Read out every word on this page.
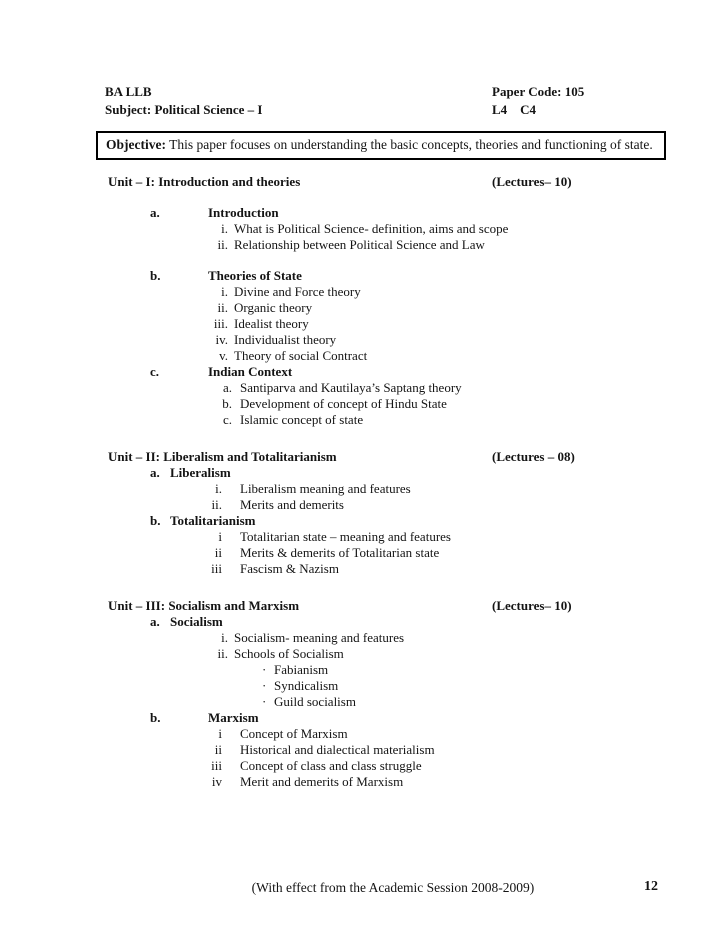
BA LLB	Paper Code: 105
Subject: Political Science – I	L4    C4
Objective: This paper focuses on understanding the basic concepts, theories and functioning of state.
Unit – I: Introduction and theories	(Lectures– 10)
a.	Introduction
i. What is Political Science- definition, aims and scope
ii. Relationship between Political Science and Law
b.	Theories of State
i. Divine and Force theory
ii. Organic theory
iii. Idealist theory
iv. Individualist theory
v. Theory of social Contract
c.	Indian Context
a. Santiparva and Kautilaya’s Saptang theory
b. Development of concept of Hindu State
c. Islamic concept of state
Unit – II: Liberalism and Totalitarianism	(Lectures – 08)
a. Liberalism
i. Liberalism meaning and features
ii. Merits and demerits
b. Totalitarianism
i Totalitarian state – meaning and features
ii Merits & demerits of Totalitarian state
iii Fascism & Nazism
Unit – III: Socialism and Marxism	(Lectures– 10)
a. Socialism
i. Socialism- meaning and features
ii. Schools of Socialism
· Fabianism
· Syndicalism
· Guild socialism
b.	Marxism
i Concept of Marxism
ii Historical and dialectical materialism
iii Concept of class and class struggle
iv Merit and demerits of Marxism
(With effect from the Academic Session 2008-2009)	12
